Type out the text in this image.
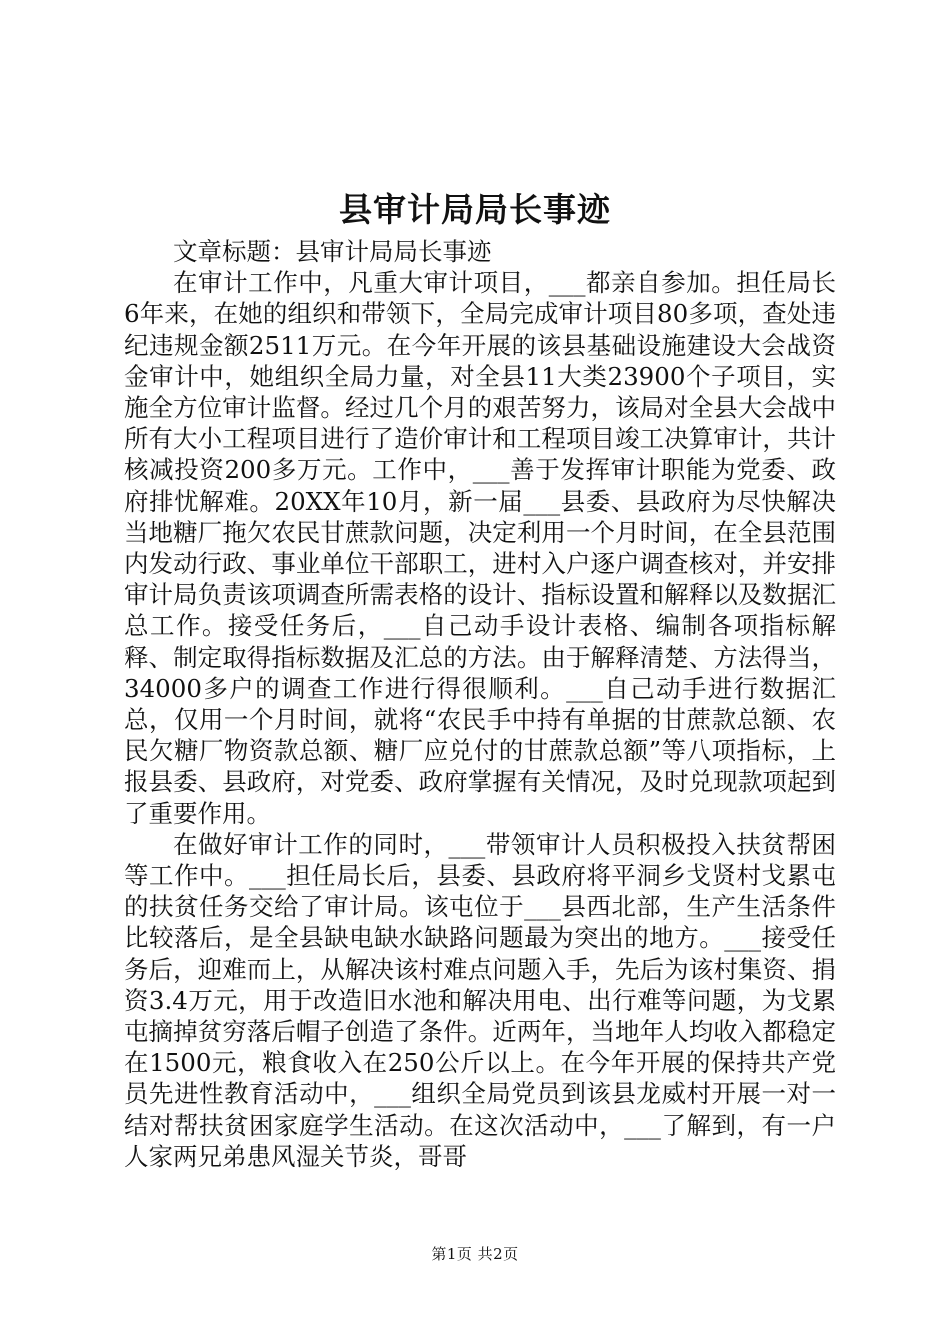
县审计局局长事迹

文章标题：县审计局局长事迹

在审计工作中，凡重大审计项目，___都亲自参加。担任局长6年来，在她的组织和带领下，全局完成审计项目80多项，查处违纪违规金额2511万元。在今年开展的该县基础设施建设大会战资金审计中，她组织全局力量，对全县11大类23900个子项目，实施全方位审计监督。经过几个月的艰苦努力，该局对全县大会战中所有大小工程项目进行了造价审计和工程项目竣工决算审计，共计核减投资200多万元。工作中，___善于发挥审计职能为党委、政府排忧解难。20XX年10月，新一届___县委、县政府为尽快解决当地糖厂拖欠农民甘蔗款问题，决定利用一个月时间，在全县范围内发动行政、事业单位干部职工，进村入户逐户调查核对，并安排审计局负责该项调查所需表格的设计、指标设置和解释以及数据汇总工作。接受任务后，___自己动手设计表格、编制各项指标解释、制定取得指标数据及汇总的方法。由于解释清楚、方法得当，34000多户的调查工作进行得很顺利。___自己动手进行数据汇总，仅用一个月时间，就将“农民手中持有单据的甘蔗款总额、农民欠糖厂物资款总额、糖厂应兑付的甘蔗款总额”等八项指标，上报县委、县政府，对党委、政府掌握有关情况，及时兑现款项起到了重要作用。

在做好审计工作的同时，___带领审计人员积极投入扶贫帮困等工作中。___担任局长后，县委、县政府将平洞乡戈贤村戈累屯的扶贫任务交给了审计局。该屯位于___县西北部，生产生活条件比较落后，是全县缺电缺水缺路问题最为突出的地方。___接受任务后，迎难而上，从解决该村难点问题入手，先后为该村集资、捐资3.4万元，用于改造旧水池和解决用电、出行难等问题，为戈累屯摘掉贫穷落后帽子创造了条件。近两年，当地年人均收入都稳定在1500元，粮食收入在250公斤以上。在今年开展的保持共产党员先进性教育活动中，___组织全局党员到该县龙威村开展一对一结对帮扶贫困家庭学生活动。在这次活动中，___了解到，有一户人家两兄弟患风湿关节炎，哥哥

第1页 共2页
